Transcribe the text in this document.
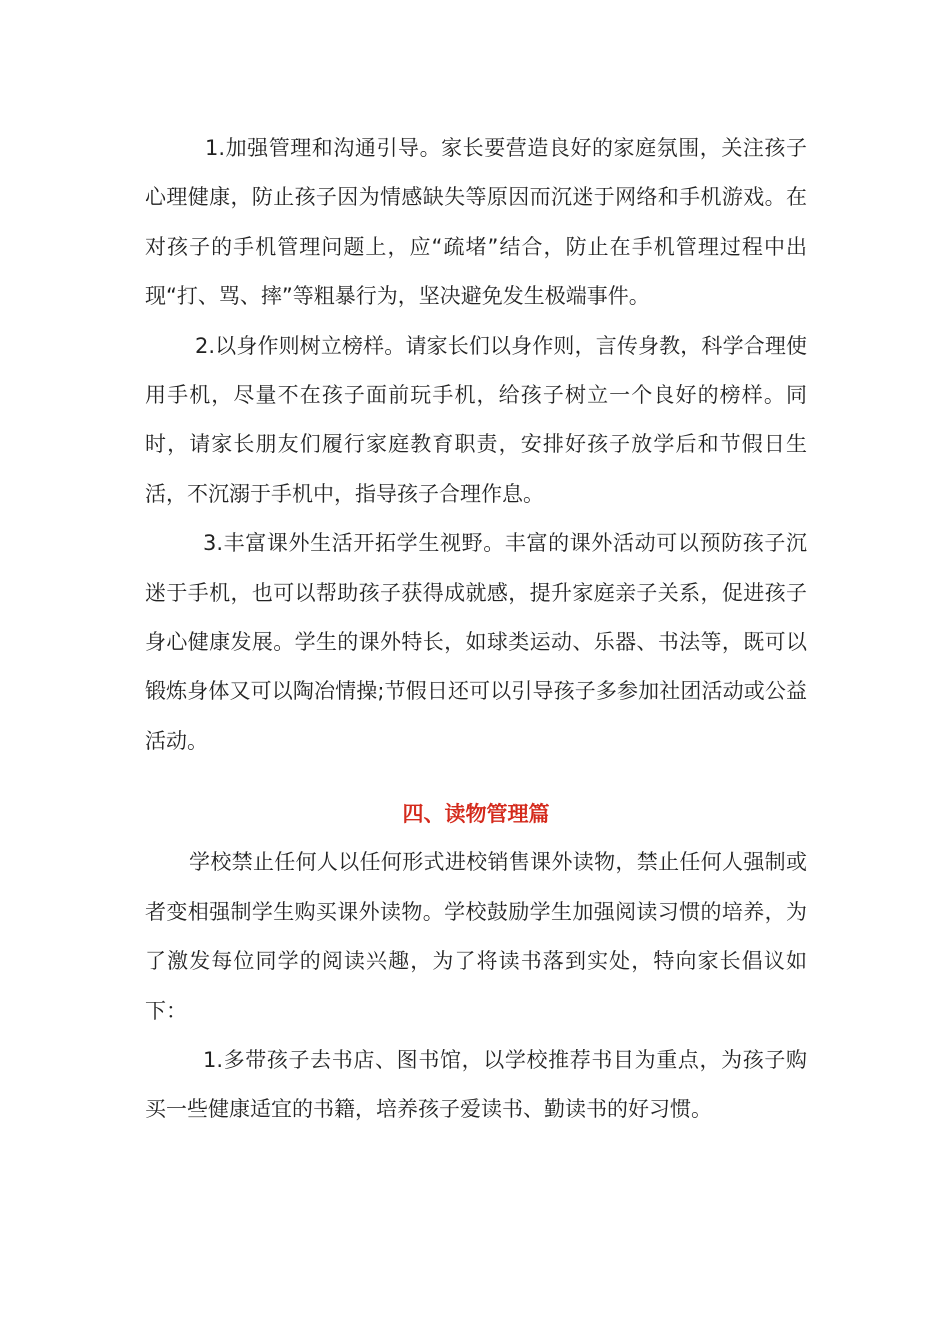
1.加强管理和沟通引导。家长要营造良好的家庭氛围，关注孩子心理健康，防止孩子因为情感缺失等原因而沉迷于网络和手机游戏。在对孩子的手机管理问题上，应“疏堵”结合，防止在手机管理过程中出现“打、骂、摔”等粗暴行为，坚决避免发生极端事件。

2.以身作则树立榜样。请家长们以身作则，言传身教，科学合理使用手机，尽量不在孩子面前玩手机，给孩子树立一个良好的榜样。同时，请家长朋友们履行家庭教育职责，安排好孩子放学后和节假日生活，不沉溺于手机中，指导孩子合理作息。

3.丰富课外生活开拓学生视野。丰富的课外活动可以预防孩子沉迷于手机，也可以帮助孩子获得成就感，提升家庭亲子关系，促进孩子身心健康发展。学生的课外特长，如球类运动、乐器、书法等，既可以锻炼身体又可以陶冶情操;节假日还可以引导孩子多参加社团活动或公益活动。

四、读物管理篇

学校禁止任何人以任何形式进校销售课外读物，禁止任何人强制或者变相强制学生购买课外读物。学校鼓励学生加强阅读习惯的培养，为了激发每位同学的阅读兴趣，为了将读书落到实处，特向家长倡议如下：

1.多带孩子去书店、图书馆，以学校推荐书目为重点，为孩子购买一些健康适宜的书籍，培养孩子爱读书、勤读书的好习惯。
